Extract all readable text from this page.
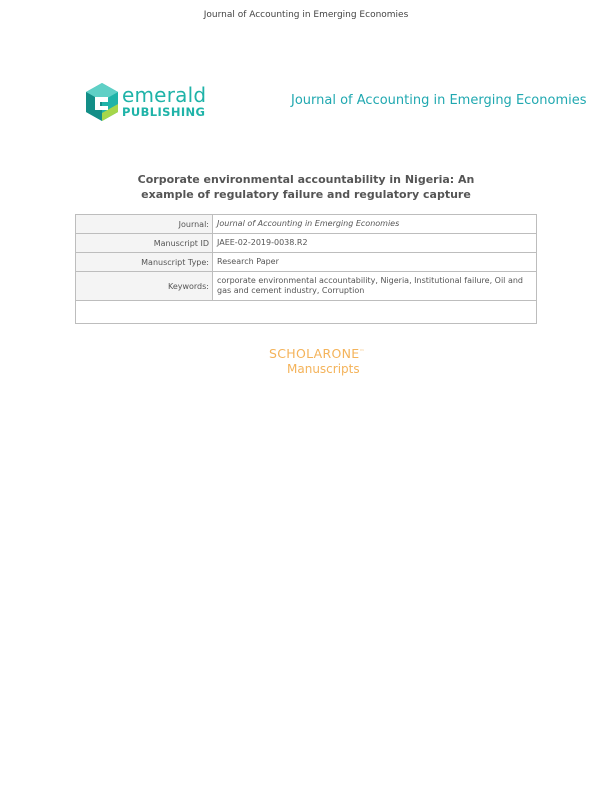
Journal of Accounting in Emerging Economies
emerald
PUBLISHING
Journal of Accounting in Emerging Economies
Corporate environmental accountability in Nigeria: An
example of regulatory failure and regulatory capture
Journal:	Journal of Accounting in Emerging Economies
Manuscript ID	JAEE-02-2019-0038.R2
Manuscript Type:	Research Paper
Keywords:
corporate environmental accountability, Nigeria, Institutional failure, Oil and gas and cement industry, Corruption
SCHOLARONE™
Manuscripts
